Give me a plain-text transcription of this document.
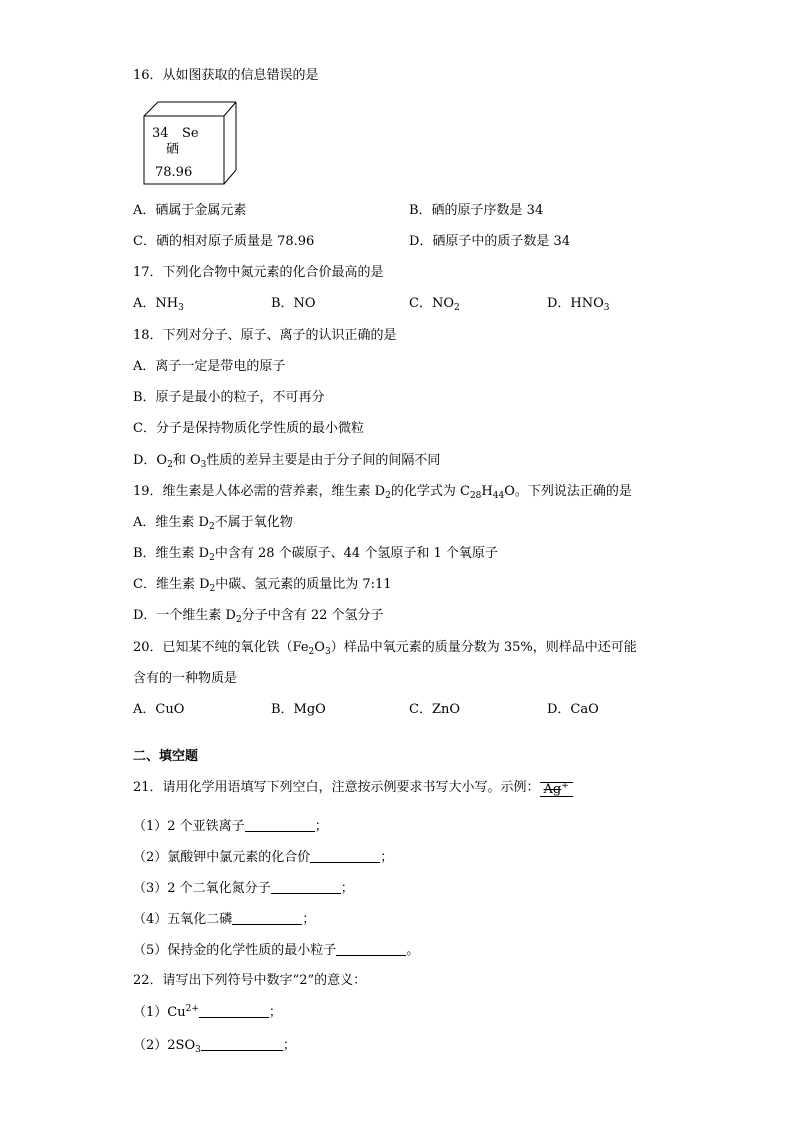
16．从如图获取的信息错误的是
34 Se
硒
78.96
A．硒属于金属元素	B．硒的原子序数是 34
C．硒的相对原子质量是 78.96	D．硒原子中的质子数是 34
17．下列化合物中氮元素的化合价最高的是
A．$NH_3$	B．NO	C．$NO_2$	D．$HNO_3$
18．下列对分子、原子、离子的认识正确的是
A．离子一定是带电的原子
B．原子是最小的粒子，不可再分
C．分子是保持物质化学性质的最小微粒
D．$O_2$和 $O_3$性质的差异主要是由于分子间的间隔不同
19．维生素是人体必需的营养素，维生素 $D_2$的化学式为 $C_{28}H_{44}O$。下列说法正确的是
A．维生素 $D_2$不属于氧化物
B．维生素 $D_2$中含有 28 个碳原子、44 个氢原子和 1 个氧原子
C．维生素 $D_2$中碳、氢元素的质量比为 7:11
D．一个维生素 $D_2$分子中含有 22 个氢分子
20．已知某不纯的氧化铁$(Fe_2O_3)$样品中氧元素的质量分数为 35%，则样品中还可能
含有的一种物质是
A．CuO	B．MgO	C．ZnO	D．CaO
二、填空题
21．请用化学用语填写下列空白，注意按示例要求书写大小写。示例： Ag+
（1）2 个亚铁离子	；
（2）氯酸钾中氯元素的化合价	；
（3）2 个二氧化氮分子	；
（4）五氧化二磷	；
（5）保持金的化学性质的最小粒子	。
22．请写出下列符号中数字“2”的意义：
$(1)Cu^{2+}$	；
$(2)2SO_3$	；
